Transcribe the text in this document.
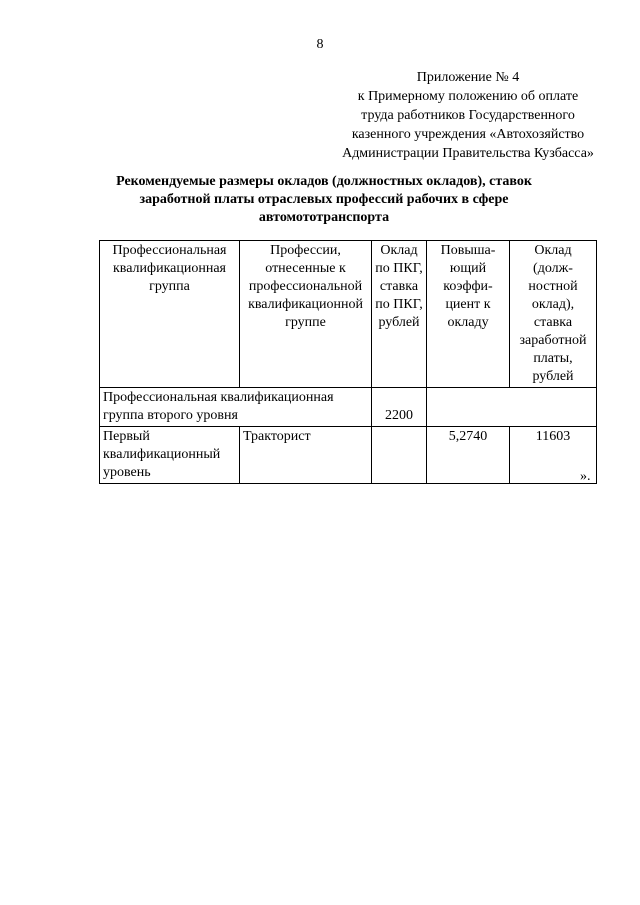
8
Приложение № 4
к Примерному положению об оплате
труда работников Государственного
казенного учреждения «Автохозяйство
Администрации Правительства Кузбасса»
Рекомендуемые размеры окладов (должностных окладов), ставок
заработной платы отраслевых профессий рабочих в сфере
автомототранспорта
Профессиональная квалификационная группа	Профессии, отнесенные к профессиональной квалификационной группе	Оклад по ПКГ, ставка по ПКГ, рублей	Повыша-ющий коэффи-циент к окладу	Оклад (долж-ностной оклад), ставка заработной платы, рублей
Профессиональная квалификационная группа второго уровня		2200		
Первый квалификационный уровень	Тракторист		5,2740	11603
».
